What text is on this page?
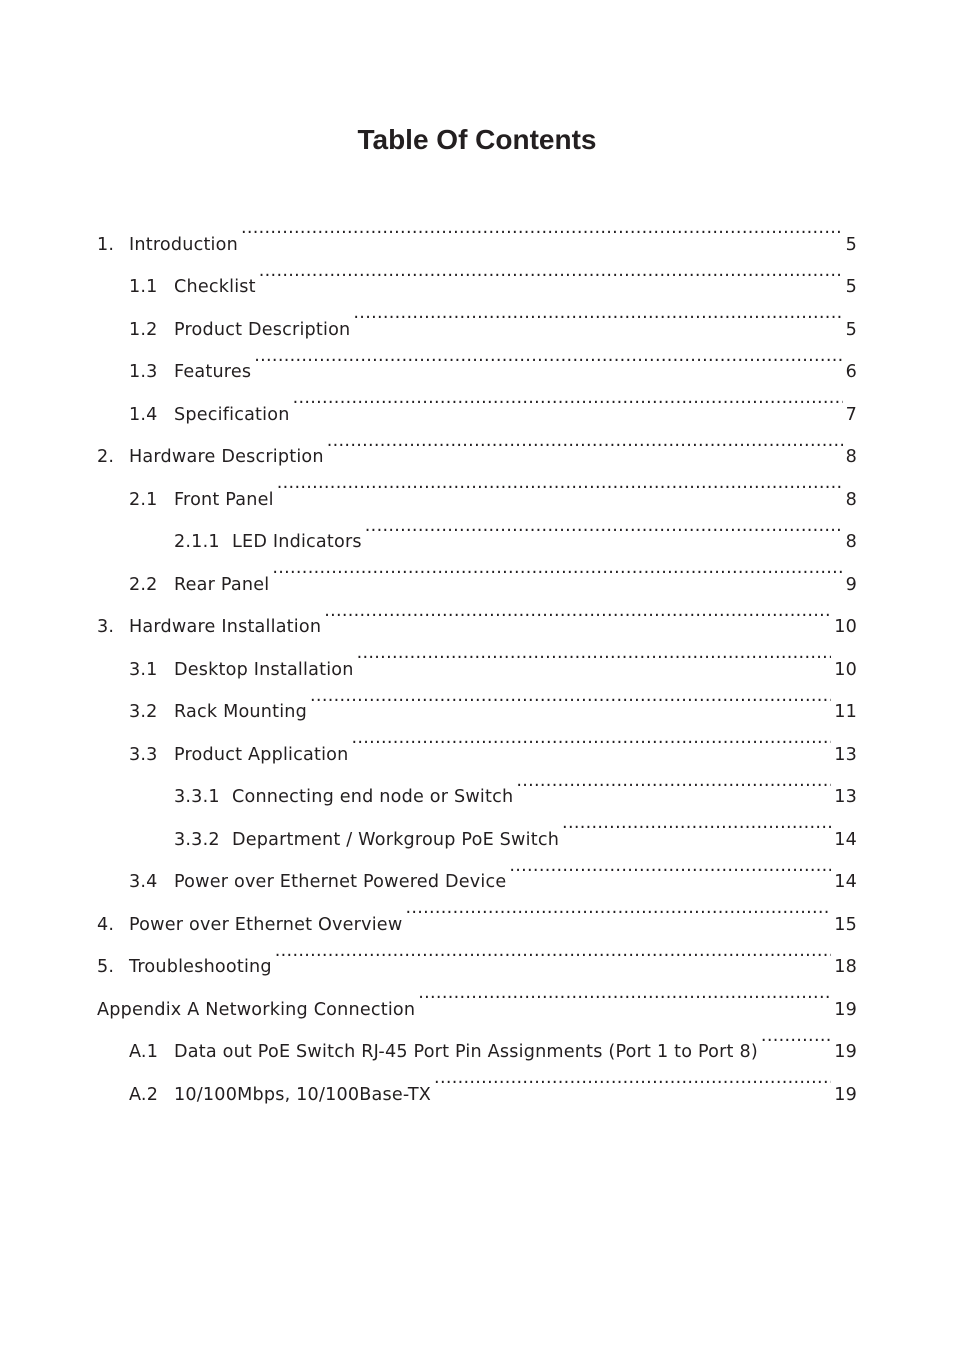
Table Of Contents
1. Introduction .....	5
1.1 Checklist .....	5
1.2 Product Description .....	5
1.3 Features .....	6
1.4 Specification .....	7
2. Hardware Description .....	8
2.1 Front Panel .....	8
2.1.1 LED Indicators .....	8
2.2 Rear Panel .....	9
3. Hardware Installation .....	10
3.1 Desktop Installation .....	10
3.2 Rack Mounting .....	11
3.3 Product Application .....	13
3.3.1 Connecting end node or Switch .....	13
3.3.2 Department / Workgroup PoE Switch .....	14
3.4 Power over Ethernet Powered Device .....	14
4. Power over Ethernet Overview .....	15
5. Troubleshooting .....	18
Appendix A Networking Connection .....	19
A.1 Data out PoE Switch RJ-45 Port Pin Assignments (Port 1 to Port 8) .....	19
A.2 10/100Mbps, 10/100Base-TX .....	19
